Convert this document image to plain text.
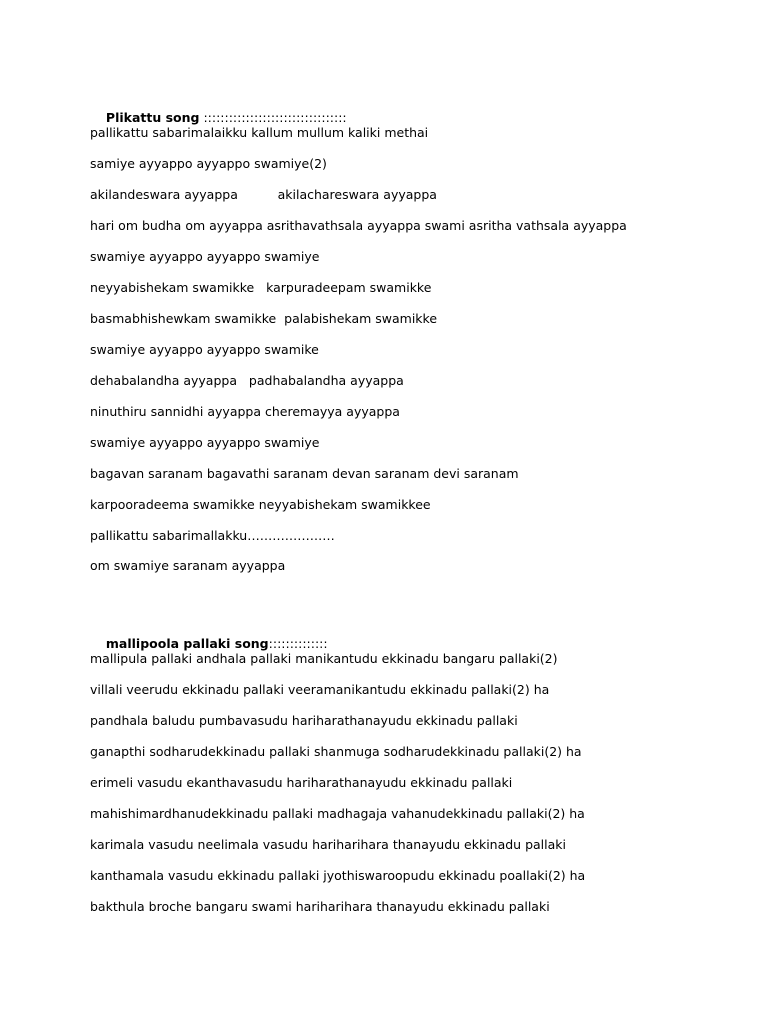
Plikattu song ::::::::::::::::::::::::::::::::::

pallikattu sabarimalaikku kallum mullum kaliki methai
samiye ayyappo ayyappo swamiye(2)
akilandeswara ayyappa          akilachareswara ayyappa
hari om budha om ayyappa asrithavathsala ayyappa swami asritha vathsala ayyappa
swamiye ayyappo ayyappo swamiye
neyyabishekam swamikke   karpuradeepam swamikke
basmabhishewkam swamikke  palabishekam swamikke
swamiye ayyappo ayyappo swamike
dehabalandha ayyappa   padhabalandha ayyappa
ninuthiru sannidhi ayyappa cheremayya ayyappa
swamiye ayyappo ayyappo swamiye
bagavan saranam bagavathi saranam devan saranam devi saranam
karpooradeema swamikke neyyabishekam swamikkee
pallikattu sabarimallakku…………………
om swamiye saranam ayyappa

mallipoola pallaki song::::::::::::::

mallipula pallaki andhala pallaki manikantudu ekkinadu bangaru pallaki(2)
villali veerudu ekkinadu pallaki veeramanikantudu ekkinadu pallaki(2) ha
pandhala baludu pumbavasudu hariharathanayudu ekkinadu pallaki
ganapthi sodharudekkinadu pallaki shanmuga sodharudekkinadu pallaki(2) ha
erimeli vasudu ekanthavasudu hariharathanayudu ekkinadu pallaki
mahishimardhanudekkinadu pallaki madhagaja vahanudekkinadu pallaki(2) ha
karimala vasudu neelimala vasudu hariharihara thanayudu ekkinadu pallaki
kanthamala vasudu ekkinadu pallaki jyothiswaroopudu ekkinadu poallaki(2) ha
bakthula broche bangaru swami hariharihara thanayudu ekkinadu pallaki
